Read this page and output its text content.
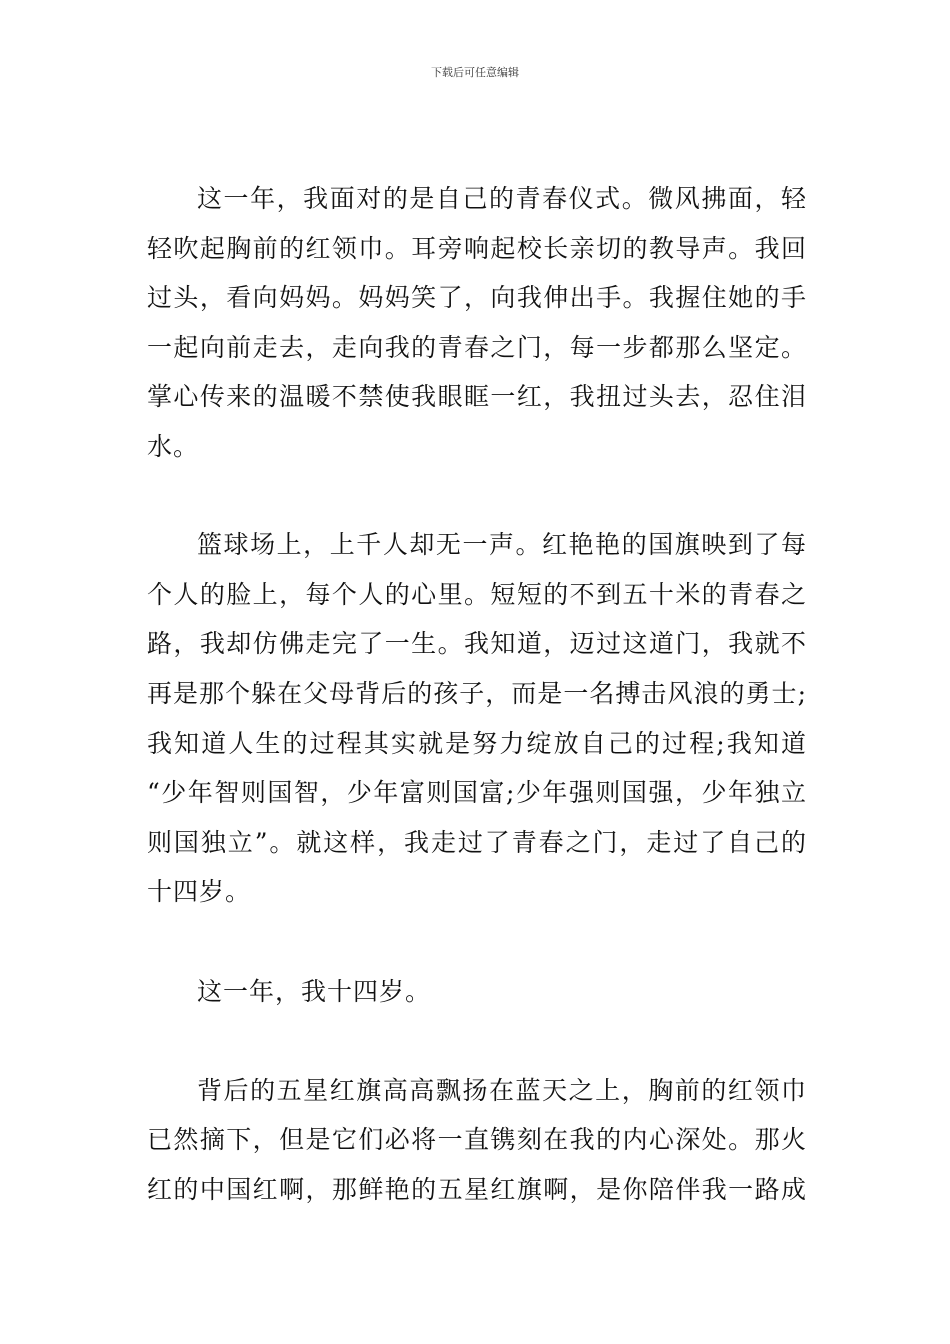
下载后可任意编辑
这一年，我面对的是自己的青春仪式。微风拂面，轻
轻吹起胸前的红领巾。耳旁响起校长亲切的教导声。我回
过头，看向妈妈。妈妈笑了，向我伸出手。我握住她的手
一起向前走去，走向我的青春之门，每一步都那么坚定。
掌心传来的温暖不禁使我眼眶一红，我扭过头去，忍住泪
水。
篮球场上，上千人却无一声。红艳艳的国旗映到了每
个人的脸上，每个人的心里。短短的不到五十米的青春之
路，我却仿佛走完了一生。我知道，迈过这道门，我就不
再是那个躲在父母背后的孩子，而是一名搏击风浪的勇士;
我知道人生的过程其实就是努力绽放自己的过程;我知道
“少年智则国智，少年富则国富;少年强则国强，少年独立
则国独立”。就这样，我走过了青春之门，走过了自己的
十四岁。
这一年，我十四岁。
背后的五星红旗高高飘扬在蓝天之上，胸前的红领巾
已然摘下，但是它们必将一直镌刻在我的内心深处。那火
红的中国红啊，那鲜艳的五星红旗啊，是你陪伴我一路成
